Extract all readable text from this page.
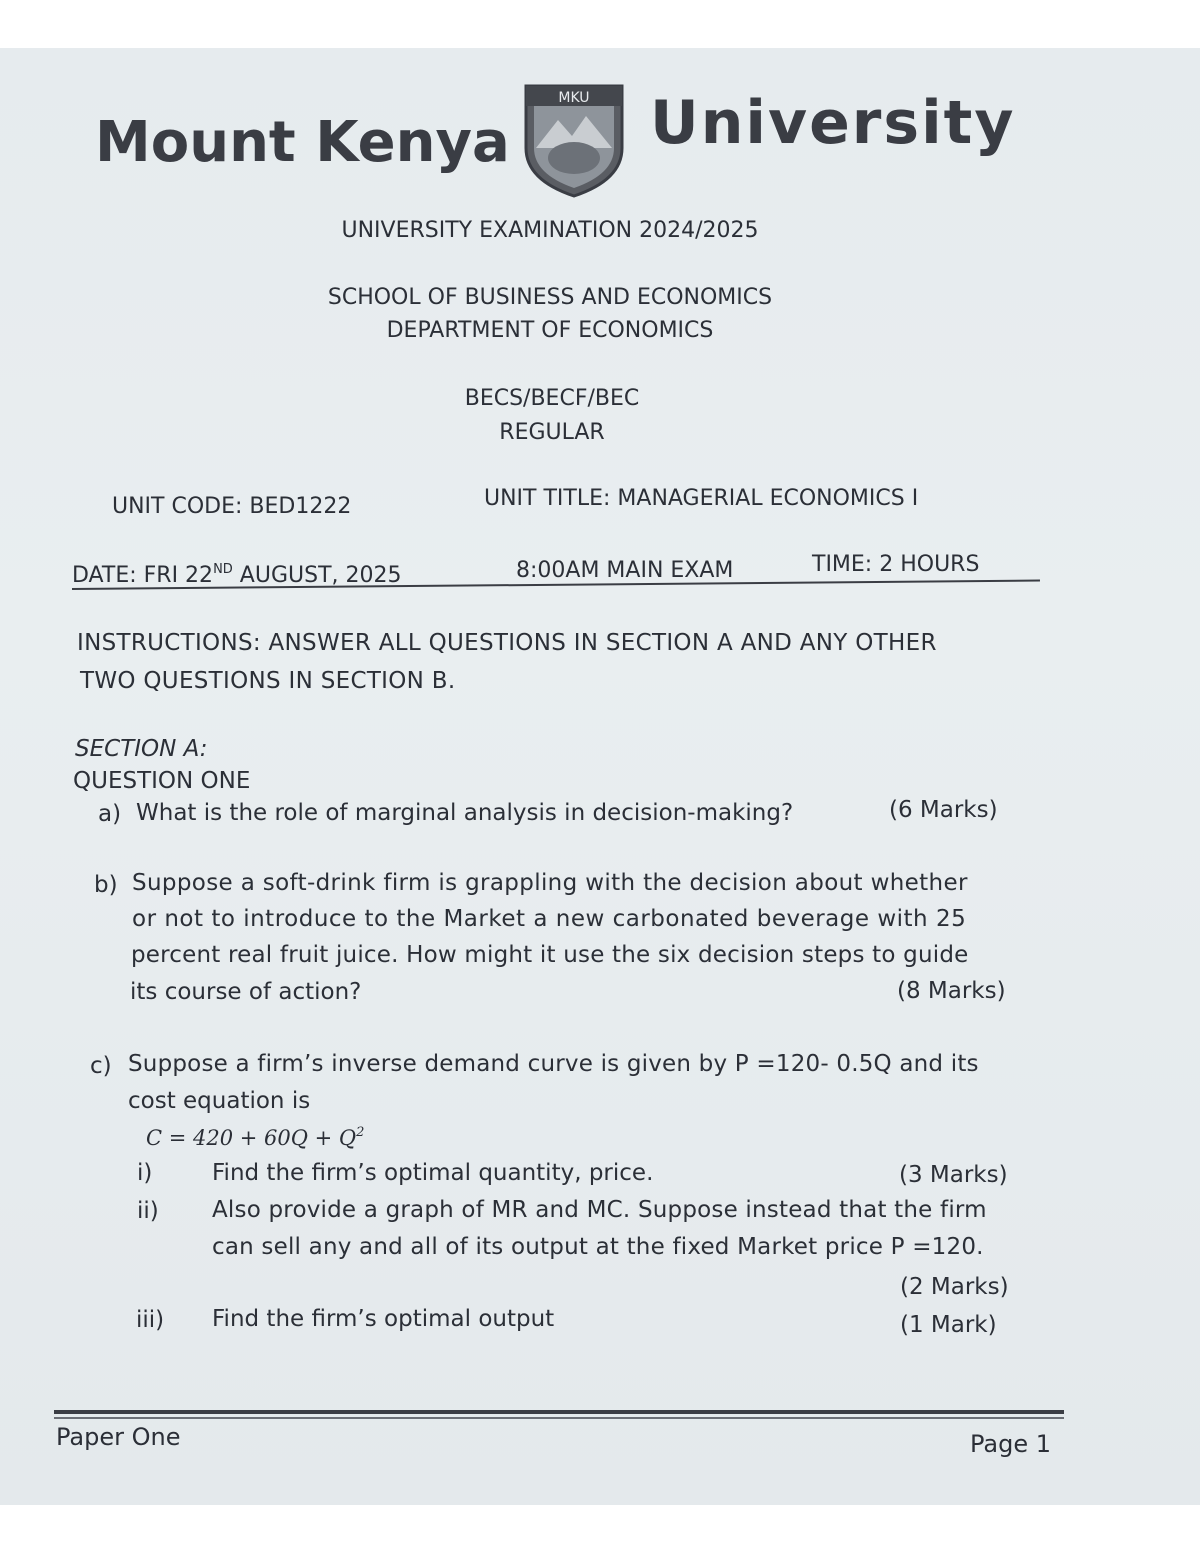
Mount Kenya
MKU University
UNIVERSITY EXAMINATION 2024/2025
SCHOOL OF BUSINESS AND ECONOMICS
DEPARTMENT OF ECONOMICS
BECS/BECF/BEC
REGULAR
UNIT CODE: BED1222	UNIT TITLE: MANAGERIAL ECONOMICS I
DATE: FRI 22ND AUGUST, 2025	8:00AM MAIN EXAM	TIME: 2 HOURS
INSTRUCTIONS: ANSWER ALL QUESTIONS IN SECTION A AND ANY OTHER
TWO QUESTIONS IN SECTION B.
SECTION A:
QUESTION ONE
a) What is the role of marginal analysis in decision-making?	(6 Marks)
b) Suppose a soft-drink firm is grappling with the decision about whether
or not to introduce to the Market a new carbonated beverage with 25
percent real fruit juice. How might it use the six decision steps to guide
its course of action?	(8 Marks)
c) Suppose a firm’s inverse demand curve is given by P =120- 0.5Q and its
cost equation is
$C = 420 + 60Q + Q^2$
i)	Find the firm’s optimal quantity, price.	(3 Marks)
ii) Also provide a graph of MR and MC. Suppose instead that the firm
can sell any and all of its output at the fixed Market price P =120.
(2 Marks)
iii) Find the firm’s optimal output	(1 Mark)
Paper One	Page 1
